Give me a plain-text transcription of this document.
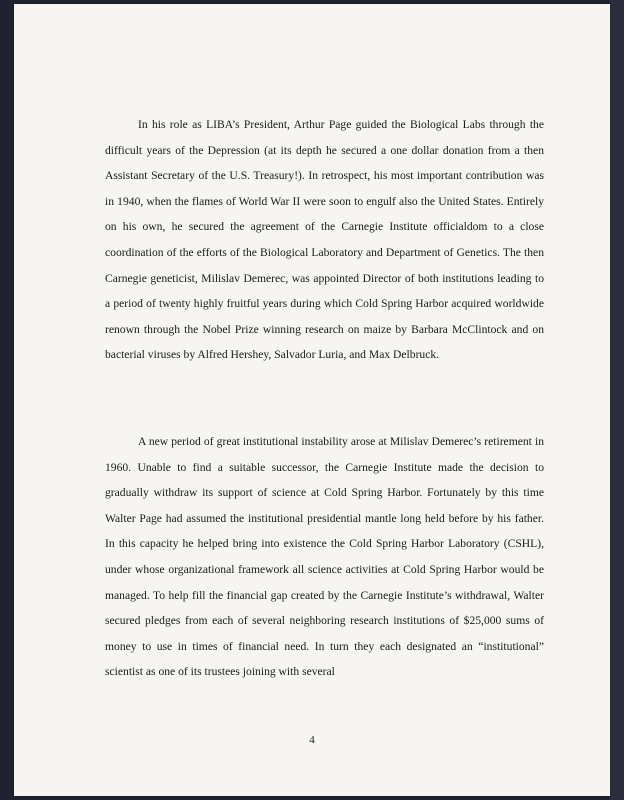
In his role as LIBA’s President, Arthur Page guided the Biological Labs through the difficult years of the Depression (at its depth he secured a one dollar donation from a then Assistant Secretary of the U.S. Treasury!). In retrospect, his most important contribution was in 1940, when the flames of World War II were soon to engulf also the United States. Entirely on his own, he secured the agreement of the Carnegie Institute officialdom to a close coordination of the efforts of the Biological Laboratory and Department of Genetics. The then Carnegie geneticist, Milislav Demerec, was appointed Director of both institutions leading to a period of twenty highly fruitful years during which Cold Spring Harbor acquired worldwide renown through the Nobel Prize winning research on maize by Barbara McClintock and on bacterial viruses by Alfred Hershey, Salvador Luria, and Max Delbruck.

A new period of great institutional instability arose at Milislav Demerec’s retirement in 1960. Unable to find a suitable successor, the Carnegie Institute made the decision to gradually withdraw its support of science at Cold Spring Harbor. Fortunately by this time Walter Page had assumed the institutional presidential mantle long held before by his father. In this capacity he helped bring into existence the Cold Spring Harbor Laboratory (CSHL), under whose organizational framework all science activities at Cold Spring Harbor would be managed. To help fill the financial gap created by the Carnegie Institute’s withdrawal, Walter secured pledges from each of several neighboring research institutions of $25,000 sums of money to use in times of financial need. In turn they each designated an “institutional” scientist as one of its trustees joining with several

4
